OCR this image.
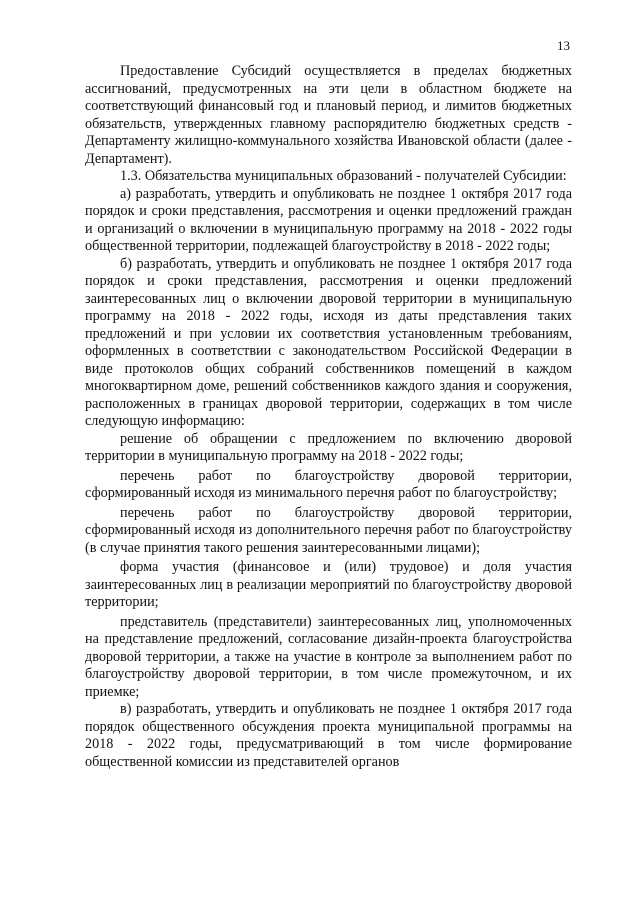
13

Предоставление Субсидий осуществляется в пределах бюджетных ассигнований, предусмотренных на эти цели в областном бюджете на соответствующий финансовый год и плановый период, и лимитов бюджетных обязательств, утвержденных главному распорядителю бюджетных средств - Департаменту жилищно-коммунального хозяйства Ивановской области (далее - Департамент).

1.3. Обязательства муниципальных образований - получателей Субсидии:

а) разработать, утвердить и опубликовать не позднее 1 октября 2017 года порядок и сроки представления, рассмотрения и оценки предложений граждан и организаций о включении в муниципальную программу на 2018 - 2022 годы общественной территории, подлежащей благоустройству в 2018 - 2022 годы;

б) разработать, утвердить и опубликовать не позднее 1 октября 2017 года порядок и сроки представления, рассмотрения и оценки предложений заинтересованных лиц о включении дворовой территории в муниципальную программу на 2018 - 2022 годы, исходя из даты представления таких предложений и при условии их соответствия установленным требованиям, оформленных в соответствии с законодательством Российской Федерации в виде протоколов общих собраний собственников помещений в каждом многоквартирном доме, решений собственников каждого здания и сооружения, расположенных в границах дворовой территории, содержащих в том числе следующую информацию:

решение об обращении с предложением по включению дворовой территории в муниципальную программу на 2018 - 2022 годы;

перечень работ по благоустройству дворовой территории, сформированный исходя из минимального перечня работ по благоустройству;

перечень работ по благоустройству дворовой территории, сформированный исходя из дополнительного перечня работ по благоустройству (в случае принятия такого решения заинтересованными лицами);

форма участия (финансовое и (или) трудовое) и доля участия заинтересованных лиц в реализации мероприятий по благоустройству дворовой территории;

представитель (представители) заинтересованных лиц, уполномоченных на представление предложений, согласование дизайн-проекта благоустройства дворовой территории, а также на участие в контроле за выполнением работ по благоустройству дворовой территории, в том числе промежуточном, и их приемке;

в) разработать, утвердить и опубликовать не позднее 1 октября 2017 года порядок общественного обсуждения проекта муниципальной программы на 2018 - 2022 годы, предусматривающий в том числе формирование общественной комиссии из представителей органов
